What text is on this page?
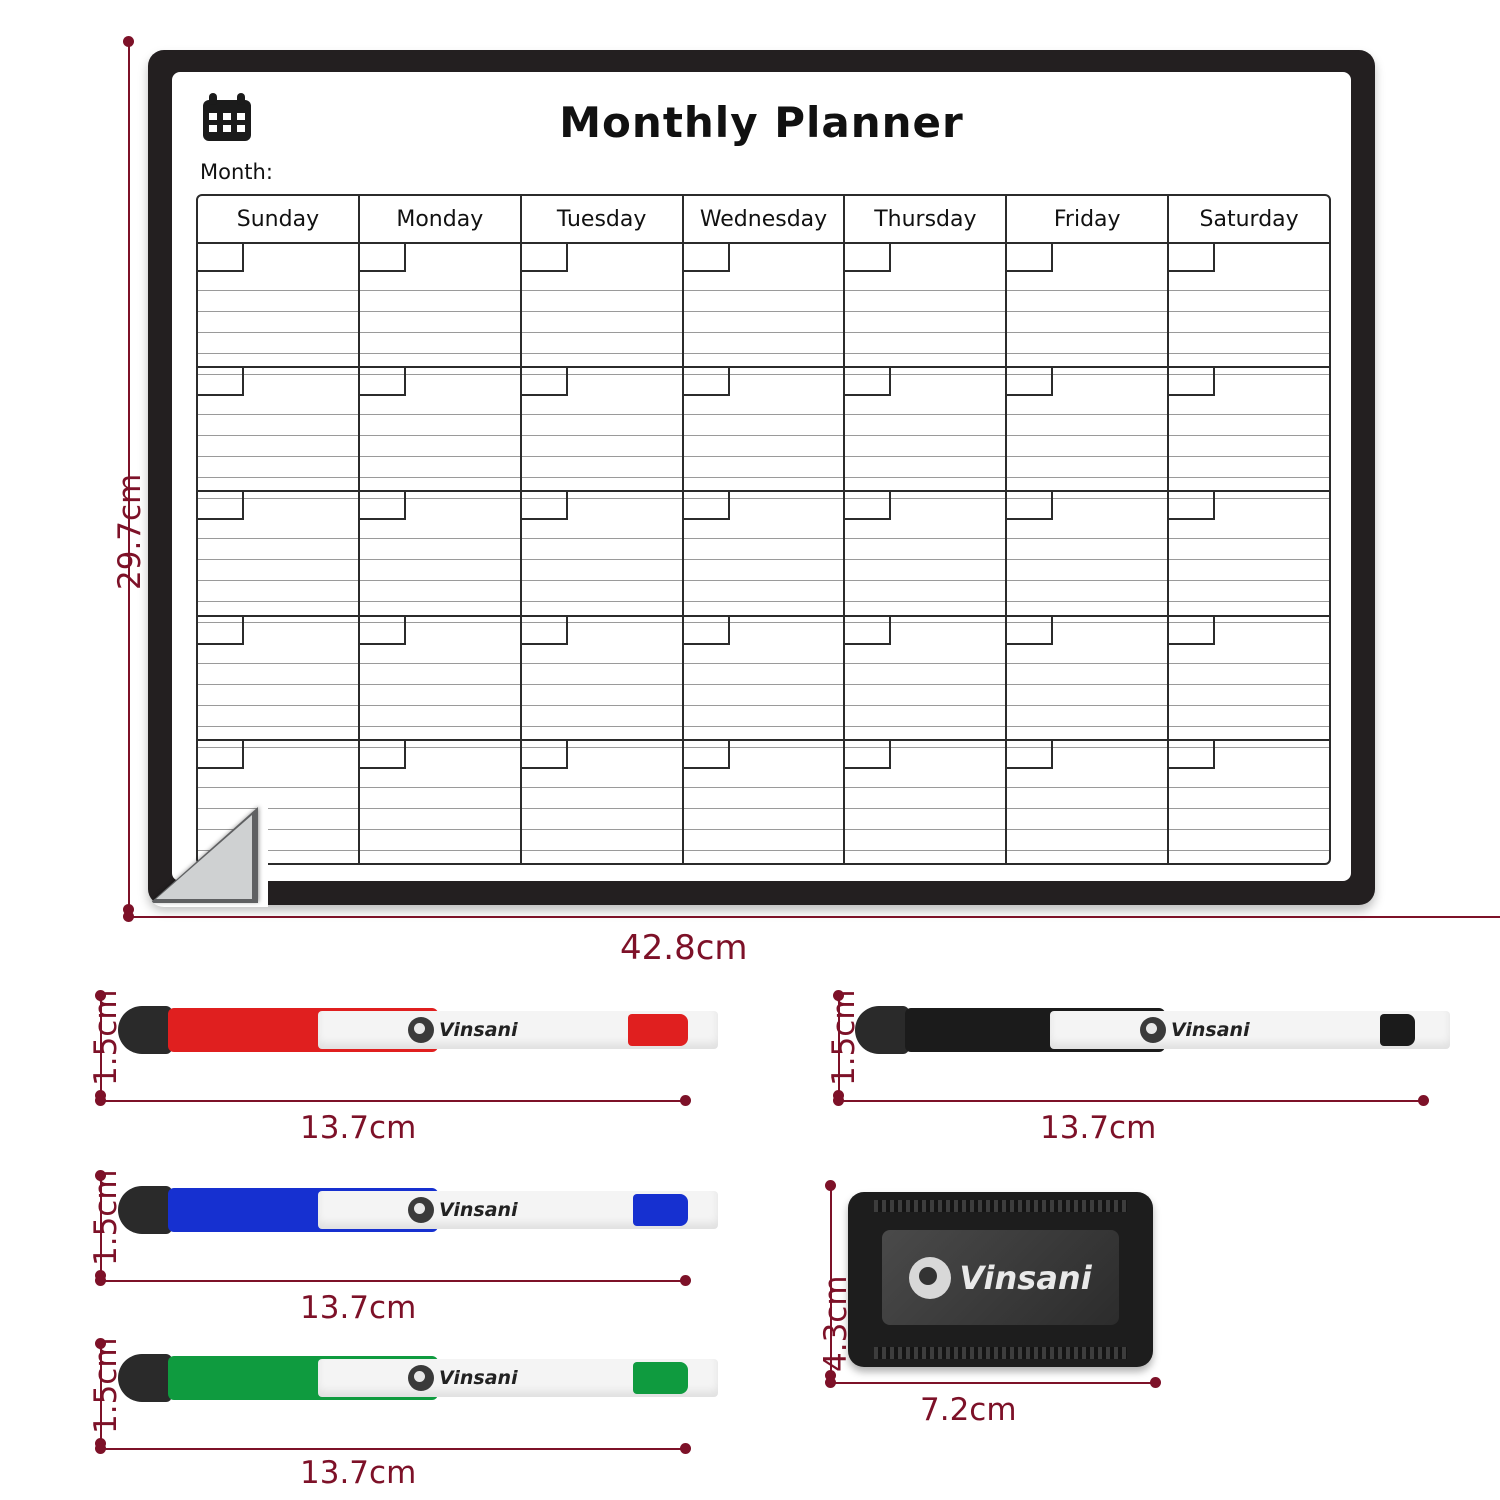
Monthly Planner
Month:
Sunday	Monday	Tuesday	Wednesday	Thursday	Friday	Saturday
29.7cm
42.8cm
Vinsani
1.5cm
13.7cm
Vinsani
1.5cm
13.7cm
Vinsani
1.5cm
13.7cm
Vinsani
1.5cm
13.7cm
Vinsani
4.3cm
7.2cm
